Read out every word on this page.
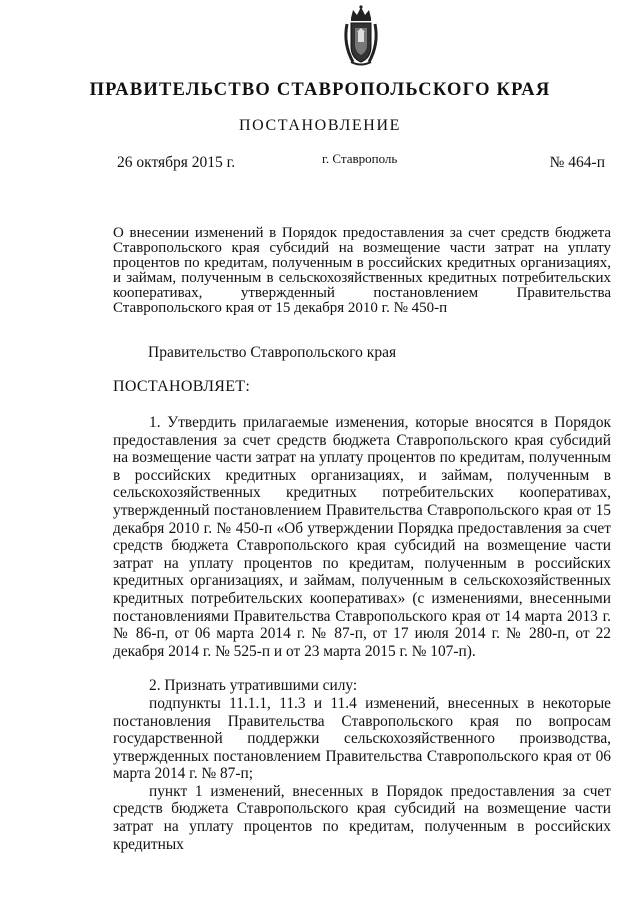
ПРАВИТЕЛЬСТВО СТАВРОПОЛЬСКОГО КРАЯ
ПОСТАНОВЛЕНИЕ
26 октября 2015 г.	г. Ставрополь	№ 464-п

О внесении изменений в Порядок предоставления за счет средств бюджета Ставропольского края субсидий на возмещение части затрат на уплату процентов по кредитам, полученным в российских кредитных организациях, и займам, полученным в сельскохозяйственных кредитных потребительских кооперативах, утвержденный постановлением Правительства Ставропольского края от 15 декабря 2010 г. № 450-п

Правительство Ставропольского края
ПОСТАНОВЛЯЕТ:

1. Утвердить прилагаемые изменения, которые вносятся в Порядок предоставления за счет средств бюджета Ставропольского края субсидий на возмещение части затрат на уплату процентов по кредитам, полученным в российских кредитных организациях, и займам, полученным в сельскохозяйственных кредитных потребительских кооперативах, утвержденный постановлением Правительства Ставропольского края от 15 декабря 2010 г. № 450-п «Об утверждении Порядка предоставления за счет средств бюджета Ставропольского края субсидий на возмещение части затрат на уплату процентов по кредитам, полученным в российских кредитных организациях, и займам, полученным в сельскохозяйственных кредитных потребительских кооперативах» (с изменениями, внесенными постановлениями Правительства Ставропольского края от 14 марта 2013 г. № 86-п, от 06 марта 2014 г. № 87-п, от 17 июля 2014 г. № 280-п, от 22 декабря 2014 г. № 525-п и от 23 марта 2015 г. № 107-п).

2. Признать утратившими силу:

подпункты 11.1.1, 11.3 и 11.4 изменений, внесенных в некоторые постановления Правительства Ставропольского края по вопросам государственной поддержки сельскохозяйственного производства, утвержденных постановлением Правительства Ставропольского края от 06 марта 2014 г. № 87-п;

пункт 1 изменений, внесенных в Порядок предоставления за счет средств бюджета Ставропольского края субсидий на возмещение части затрат на уплату процентов по кредитам, полученным в российских кредитных
